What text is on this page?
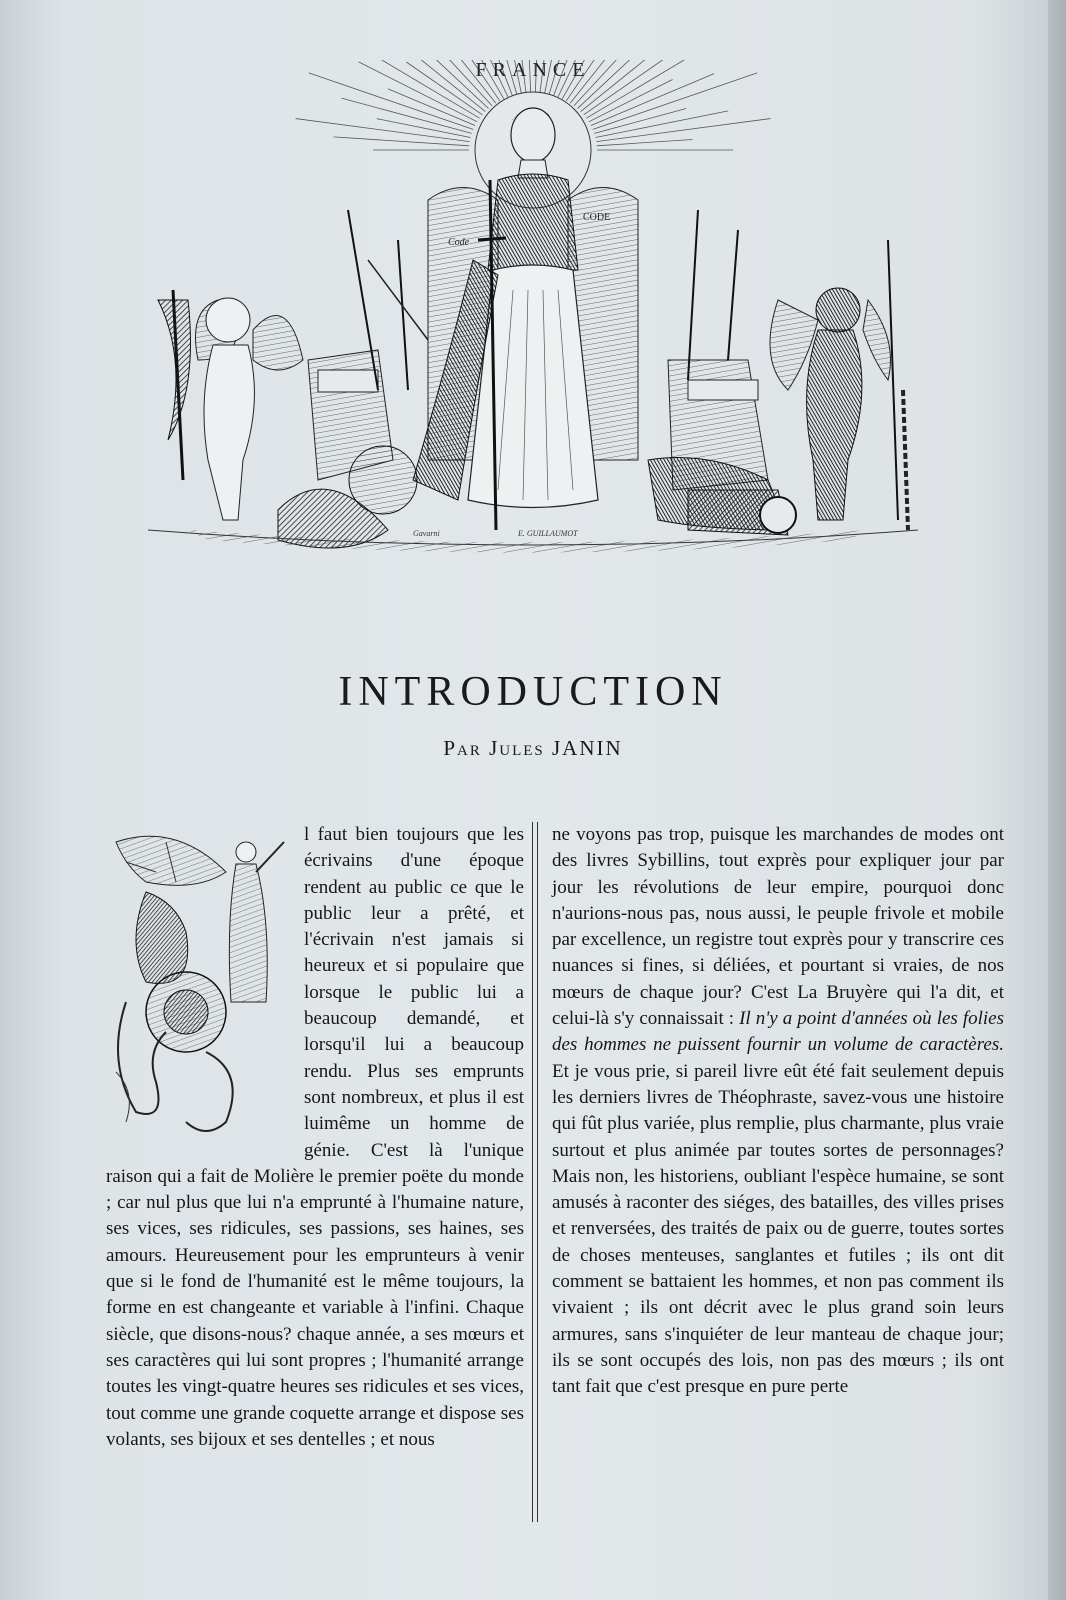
FRANCE
Code
CODE
Gavarni	E. GUILLAUMOT
INTRODUCTION
Par Jules JANIN

l faut bien toujours que les écrivains d'une époque rendent au public ce que le public leur a prêté, et l'écrivain n'est jamais si heureux et si populaire que lorsque le public lui a beaucoup demandé, et lorsqu'il lui a beaucoup rendu. Plus ses emprunts sont nombreux, et plus il est luimême un homme de génie. C'est là l'unique raison qui a fait de Molière le premier poëte du monde ; car nul plus que lui n'a emprunté à l'humaine nature, ses vices, ses ridicules, ses passions, ses haines, ses amours. Heureusement pour les emprunteurs à venir que si le fond de l'humanité est le même toujours, la forme en est changeante et variable à l'infini. Chaque siècle, que disons-nous? chaque année, a ses mœurs et ses caractères qui lui sont propres ; l'humanité arrange toutes les vingt-quatre heures ses ridicules et ses vices, tout comme une grande coquette arrange et dispose ses volants, ses bijoux et ses dentelles ; et nous

ne voyons pas trop, puisque les marchandes de modes ont des livres Sybillins, tout exprès pour expliquer jour par jour les révolutions de leur empire, pourquoi donc n'aurions-nous pas, nous aussi, le peuple frivole et mobile par excellence, un registre tout exprès pour y transcrire ces nuances si fines, si déliées, et pourtant si vraies, de nos mœurs de chaque jour? C'est La Bruyère qui l'a dit, et celui-là s'y connaissait : Il n'y a point d'années où les folies des hommes ne puissent fournir un volume de caractères. Et je vous prie, si pareil livre eût été fait seulement depuis les derniers livres de Théophraste, savez-vous une histoire qui fût plus variée, plus remplie, plus charmante, plus vraie surtout et plus animée par toutes sortes de personnages? Mais non, les historiens, oubliant l'espèce humaine, se sont amusés à raconter des siéges, des batailles, des villes prises et renversées, des traités de paix ou de guerre, toutes sortes de choses menteuses, sanglantes et futiles ; ils ont dit comment se battaient les hommes, et non pas comment ils vivaient ; ils ont décrit avec le plus grand soin leurs armures, sans s'inquiéter de leur manteau de chaque jour; ils se sont occupés des lois, non pas des mœurs ; ils ont tant fait que c'est presque en pure perte
